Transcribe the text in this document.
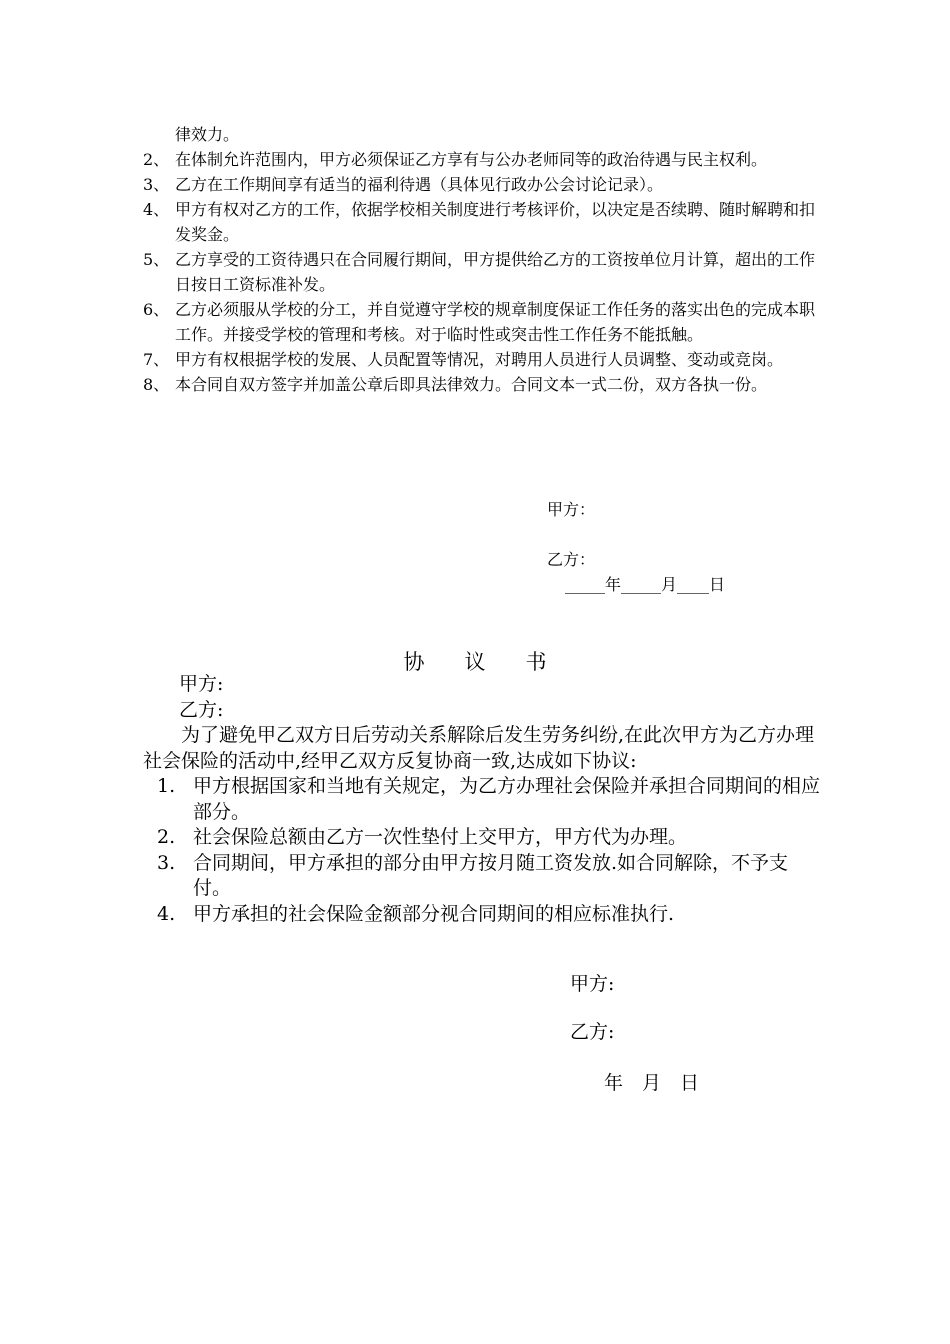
律效力。
2、 在体制允许范围内，甲方必须保证乙方享有与公办老师同等的政治待遇与民主权利。
3、 乙方在工作期间享有适当的福利待遇（具体见行政办公会讨论记录）。
4、 甲方有权对乙方的工作，依据学校相关制度进行考核评价，以决定是否续聘、随时解聘和扣发奖金。
5、 乙方享受的工资待遇只在合同履行期间，甲方提供给乙方的工资按单位月计算，超出的工作日按日工资标准补发。
6、 乙方必须服从学校的分工，并自觉遵守学校的规章制度保证工作任务的落实出色的完成本职工作。并接受学校的管理和考核。对于临时性或突击性工作任务不能抵触。
7、 甲方有权根据学校的发展、人员配置等情况，对聘用人员进行人员调整、变动或竞岗。
8、 本合同自双方签字并加盖公章后即具法律效力。合同文本一式二份，双方各执一份。
甲方：
乙方：
_____年_____月____日
协议书
甲方:
乙方:
为了避免甲乙双方日后劳动关系解除后发生劳务纠纷,在此次甲方为乙方办理社会保险的活动中,经甲乙双方反复协商一致,达成如下协议:
1. 甲方根据国家和当地有关规定，为乙方办理社会保险并承担合同期间的相应部分。
2. 社会保险总额由乙方一次性垫付上交甲方，甲方代为办理。
3. 合同期间，甲方承担的部分由甲方按月随工资发放.如合同解除，不予支付。
4. 甲方承担的社会保险金额部分视合同期间的相应标准执行.
甲方:
乙方:
年　月　日
